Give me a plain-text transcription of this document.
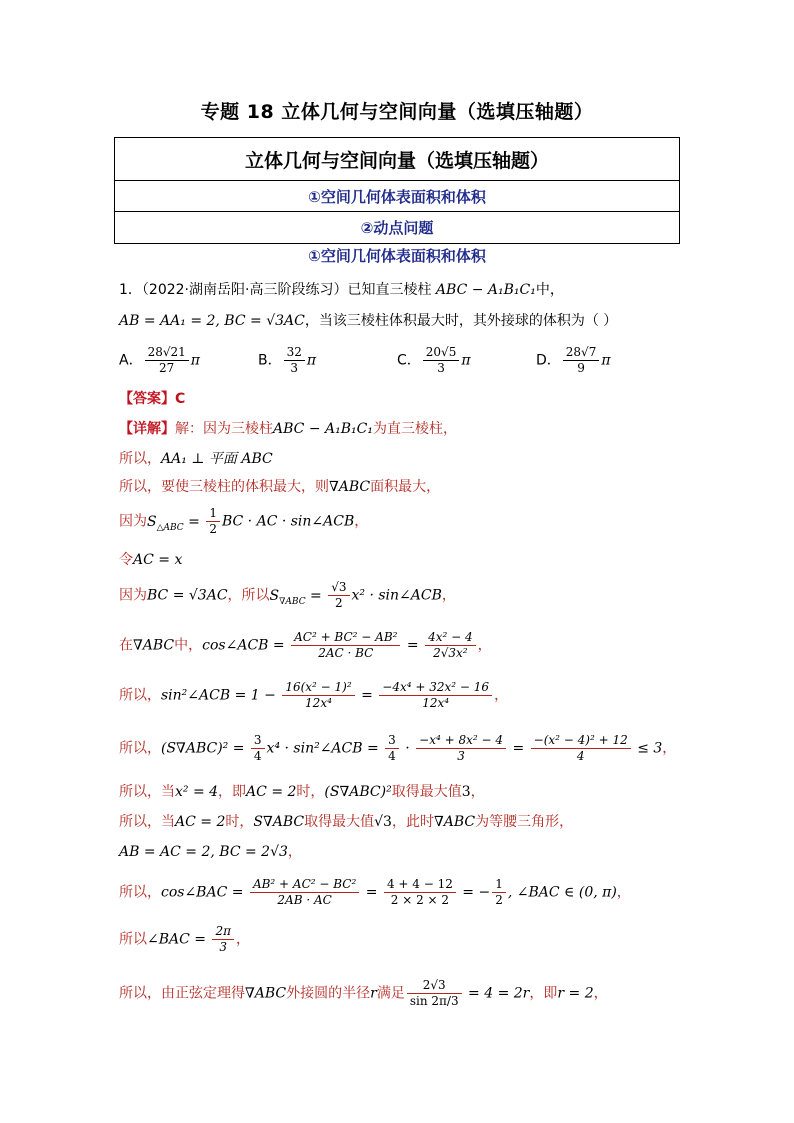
专题 18 立体几何与空间向量（选填压轴题）
立体几何与空间向量（选填压轴题）
①空间几何体表面积和体积
②动点问题
①空间几何体表面积和体积
1．（2022·湖南岳阳·高三阶段练习）已知直三棱柱 ABC − A₁B₁C₁中，
AB = AA₁ = 2, BC = √3AC，当该三棱柱体积最大时，其外接球的体积为（ ）
A． $\frac{28√21}{27}$ π	B． $\frac{32}{3}$ π	C． $\frac{20√5}{3}$ π	D． $\frac{28√7}{9}$ π
【答案】C
【详解】解：因为三棱柱ABC − A₁B₁C₁为直三棱柱，
所以，AA₁ ⊥ 平面 ABC
所以，要使三棱柱的体积最大，则∇ABC面积最大，
因为$S_{\triangle ABC} = \frac{1}{2}$ BC · AC · sin∠ACB，
令AC = x
因为BC = √3AC，所以$S_{\nabla ABC} = \frac{√3}{2} x^2$ · sin∠ACB，
在∇ABC中，cos∠ACB = $\frac{\text{AC² + BC² − AB²}}{2AC \cdot BC} = \frac{\text{4x² − 4}}{\text{2√3x²}}$ ，
所以，sin²∠ACB = $1 - \frac{\text{16(x² − 1)²}}{\text{12x⁴}} = \frac{\text{−4x⁴ + 32x² − 16}}{\text{12x⁴}}$ ，
所以，$(S\nabla ABC)^2 = \frac{3}{4} x^4$ · sin²∠ACB = $\frac{3}{4} \cdot \frac{\text{−x⁴ + 8x² − 4}}{3} = \frac{\text{−(x² − 4)² + 12}}{4} \le 3$，
所以，当x² = 4，即AC = 2时，(S∇ABC)²取得最大值3，
所以，当AC = 2时，S∇ABC取得最大值√3，此时∇ABC为等腰三角形，
AB = AC = 2, BC = 2√3，
所以，cos∠BAC = $\frac{\text{AB² + AC² − BC²}}{2AB \cdot AC} = \frac{4 + 4 - 12}{2 \times 2 \times 2}$ = − $\frac{1}{2}$ , ∠BAC ∈ (0, π)，
所以∠BAC = $\frac{2\pi}{3}$ ，
所以，由正弦定理得∇ABC外接圆的半径r满足 $\frac{2√3}{\sin 2\pi/3} = 4 = 2r$，即r = 2，
